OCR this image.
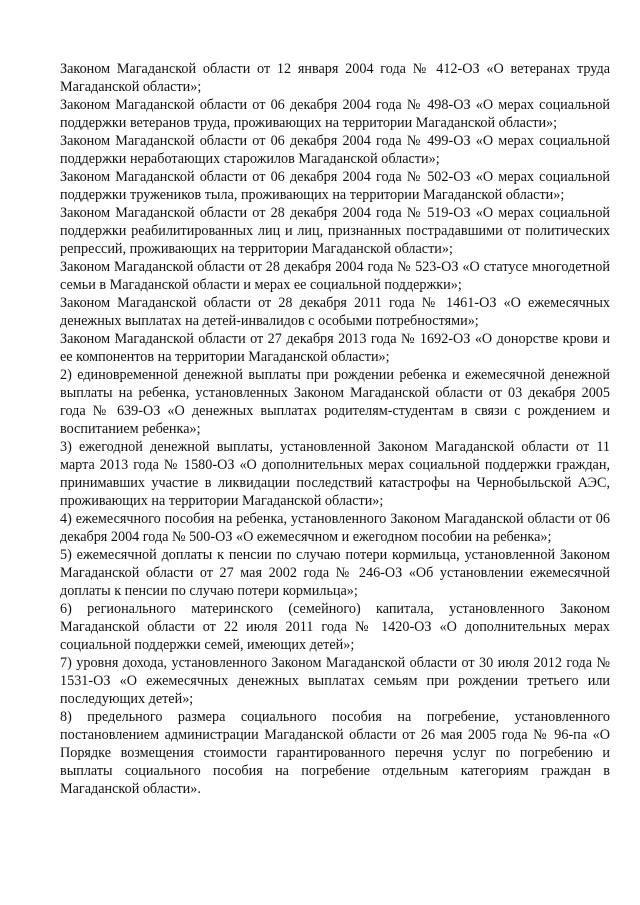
Законом Магаданской области от 12 января 2004 года № 412-ОЗ «О ветеранах труда Магаданской области»;

Законом Магаданской области от 06 декабря 2004 года № 498-ОЗ «О мерах социальной поддержки ветеранов труда, проживающих на территории Магаданской области»;

Законом Магаданской области от 06 декабря 2004 года № 499-ОЗ «О мерах социальной поддержки неработающих старожилов Магаданской области»;

Законом Магаданской области от 06 декабря 2004 года № 502-ОЗ «О мерах социальной поддержки тружеников тыла, проживающих на территории Магаданской области»;

Законом Магаданской области от 28 декабря 2004 года № 519-ОЗ «О мерах социальной поддержки реабилитированных лиц и лиц, признанных пострадавшими от политических репрессий, проживающих на территории Магаданской области»;

Законом Магаданской области от 28 декабря 2004 года № 523-ОЗ «О статусе многодетной семьи в Магаданской области и мерах ее социальной поддержки»;

Законом Магаданской области от 28 декабря 2011 года № 1461-ОЗ «О ежемесячных денежных выплатах на детей-инвалидов с особыми потребностями»;

Законом Магаданской области от 27 декабря 2013 года № 1692-ОЗ «О донорстве крови и ее компонентов на территории Магаданской области»;

2) единовременной денежной выплаты при рождении ребенка и ежемесячной денежной выплаты на ребенка, установленных Законом Магаданской области от 03 декабря 2005 года № 639-ОЗ «О денежных выплатах родителям-студентам в связи с рождением и воспитанием ребенка»;

3) ежегодной денежной выплаты, установленной Законом Магаданской области от 11 марта 2013 года № 1580-ОЗ «О дополнительных мерах социальной поддержки граждан, принимавших участие в ликвидации последствий катастрофы на Чернобыльской АЭС, проживающих на территории Магаданской области»;

4) ежемесячного пособия на ребенка, установленного Законом Магаданской области от 06 декабря 2004 года № 500-ОЗ «О ежемесячном и ежегодном пособии на ребенка»;

5) ежемесячной доплаты к пенсии по случаю потери кормильца, установленной Законом Магаданской области от 27 мая 2002 года № 246-ОЗ «Об установлении ежемесячной доплаты к пенсии по случаю потери кормильца»;

6) регионального материнского (семейного) капитала, установленного Законом Магаданской области от 22 июля 2011 года № 1420-ОЗ «О дополнительных мерах социальной поддержки семей, имеющих детей»;

7) уровня дохода, установленного Законом Магаданской области от 30 июля 2012 года № 1531-ОЗ «О ежемесячных денежных выплатах семьям при рождении третьего или последующих детей»;

8) предельного размера социального пособия на погребение, установленного постановлением администрации Магаданской области от 26 мая 2005 года № 96-па «О Порядке возмещения стоимости гарантированного перечня услуг по погребению и выплаты социального пособия на погребение отдельным категориям граждан в Магаданской области».
